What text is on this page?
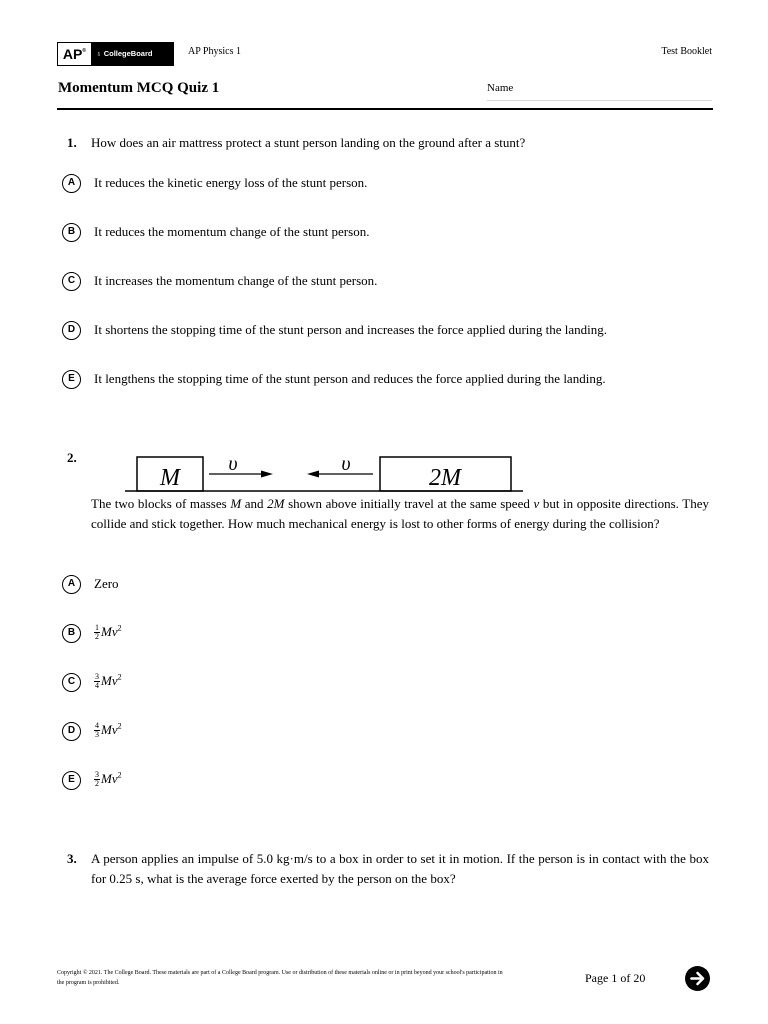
AP®	♁ CollegeBoard	AP Physics 1	Test Booklet
Momentum MCQ Quiz 1	Name
1. How does an air mattress protect a stunt person landing on the ground after a stunt?
A	It reduces the kinetic energy loss of the stunt person.
B	It reduces the momentum change of the stunt person.
C	It increases the momentum change of the stunt person.
D	It shortens the stopping time of the stunt person and increases the force applied during the landing.
E	It lengthens the stopping time of the stunt person and reduces the force applied during the landing.
2.
M	2M
υ	υ
The two blocks of masses M and 2M shown above initially travel at the same speed v but in opposite directions. They collide and stick together. How much mechanical energy is lost to other forms of energy during the collision?
A	Zero
B	$\frac{1}{2} Mv^2$
C	$\frac{3}{4} Mv^2$
D	$\frac{4}{3} Mv^2$
E	$\frac{3}{2} Mv^2$
3. A person applies an impulse of 5.0 kg·m/s to a box in order to set it in motion. If the person is in contact with the box for 0.25 s, what is the average force exerted by the person on the box?
Copyright © 2021. The College Board. These materials are part of a College Board program. Use or distribution of these materials online or in print beyond your school's participation in the program is prohibited.	Page 1 of 20
